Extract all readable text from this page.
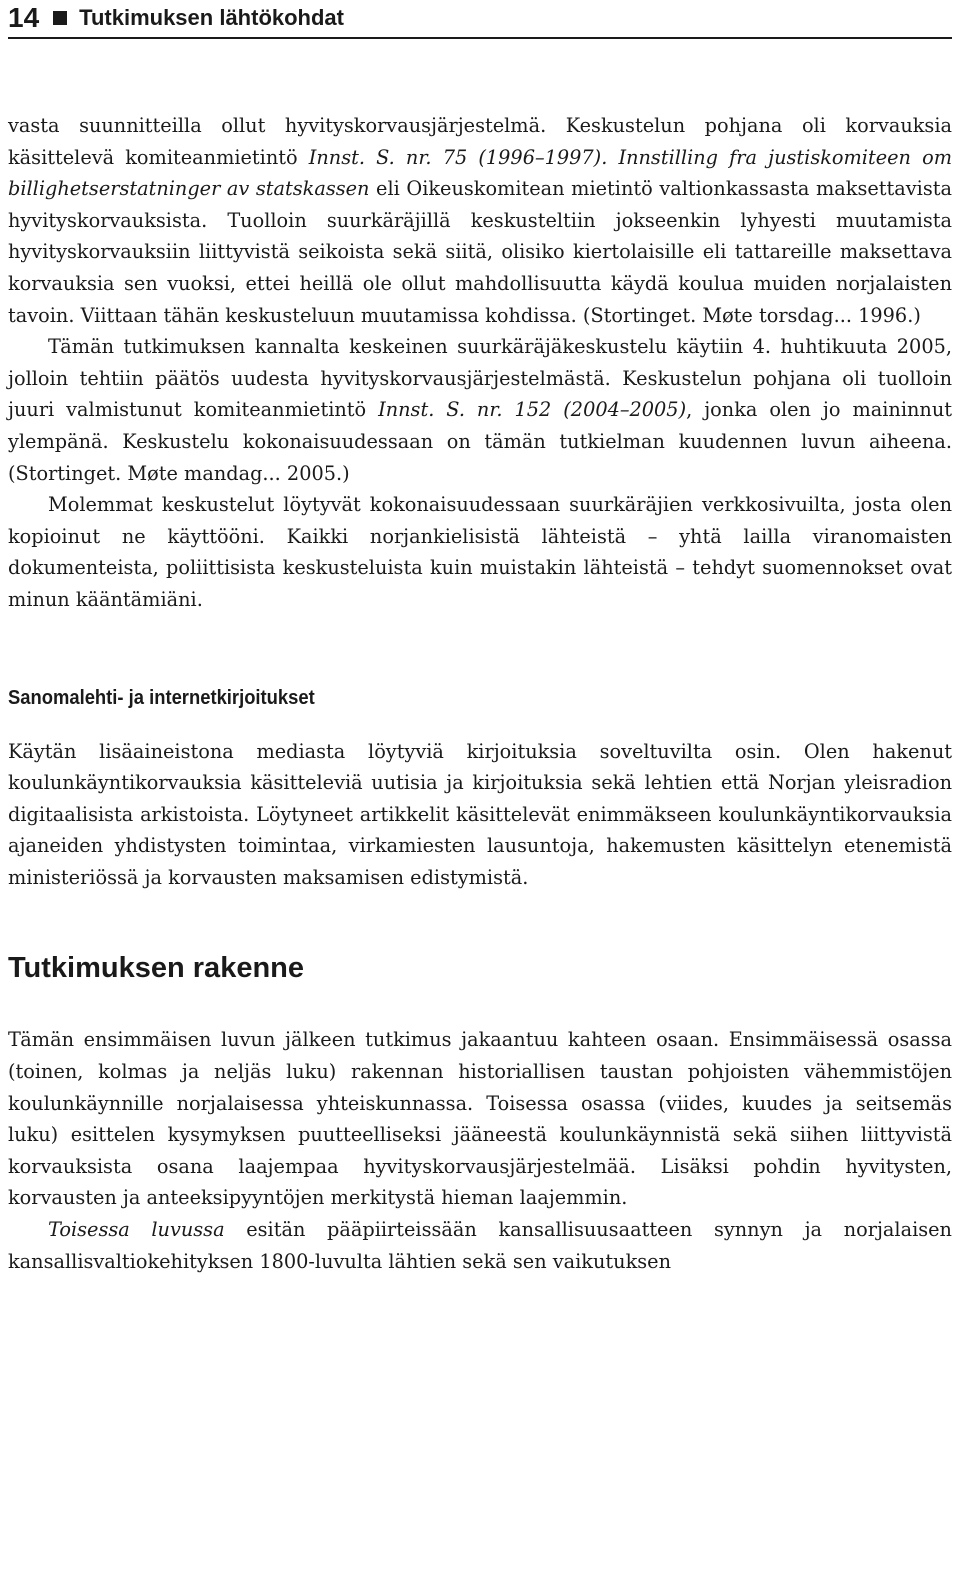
14 Tutkimuksen lähtökohdat

vasta suunnitteilla ollut hyvityskorvausjärjestelmä. Keskustelun pohjana oli korvauksia käsittelevä komiteanmietintö Innst. S. nr. 75 (1996–1997). Innstilling fra justiskomiteen om billighetserstatninger av statskassen eli Oikeuskomitean mietintö valtionkassasta maksettavista hyvityskorvauksista. Tuolloin suurkäräjillä keskusteltiin jokseenkin lyhyesti muutamista hyvityskorvauksiin liittyvistä seikoista sekä siitä, olisiko kiertolaisille eli tattareille maksettava korvauksia sen vuoksi, ettei heillä ole ollut mahdollisuutta käydä koulua muiden norjalaisten tavoin. Viittaan tähän keskusteluun muutamissa kohdissa. (Stortinget. Møte torsdag... 1996.)

Tämän tutkimuksen kannalta keskeinen suurkäräjäkeskustelu käytiin 4. huhtikuuta 2005, jolloin tehtiin päätös uudesta hyvityskorvausjärjestelmästä. Keskustelun pohjana oli tuolloin juuri valmistunut komiteanmietintö Innst. S. nr. 152 (2004–2005), jonka olen jo maininnut ylempänä. Keskustelu kokonaisuudessaan on tämän tutkielman kuudennen luvun aiheena. (Stortinget. Møte mandag... 2005.)

Molemmat keskustelut löytyvät kokonaisuudessaan suurkäräjien verkkosivuilta, josta olen kopioinut ne käyttööni. Kaikki norjankielisistä lähteistä – yhtä lailla viranomaisten dokumenteista, poliittisista keskusteluista kuin muistakin lähteistä – tehdyt suomennokset ovat minun kääntämiäni.

Sanomalehti- ja internetkirjoitukset

Käytän lisäaineistona mediasta löytyviä kirjoituksia soveltuvilta osin. Olen hakenut koulunkäyntikorvauksia käsitteleviä uutisia ja kirjoituksia sekä lehtien että Norjan yleisradion digitaalisista arkistoista. Löytyneet artikkelit käsittelevät enimmäkseen koulunkäyntikorvauksia ajaneiden yhdistysten toimintaa, virkamiesten lausuntoja, hakemusten käsittelyn etenemistä ministeriössä ja korvausten maksamisen edistymistä.

Tutkimuksen rakenne

Tämän ensimmäisen luvun jälkeen tutkimus jakaantuu kahteen osaan. Ensimmäisessä osassa (toinen, kolmas ja neljäs luku) rakennan historiallisen taustan pohjoisten vähemmistöjen koulunkäynnille norjalaisessa yhteiskunnassa. Toisessa osassa (viides, kuudes ja seitsemäs luku) esittelen kysymyksen puutteelliseksi jääneestä koulunkäynnistä sekä siihen liittyvistä korvauksista osana laajempaa hyvityskorvausjärjestelmää. Lisäksi pohdin hyvitysten, korvausten ja anteeksipyyntöjen merkitystä hieman laajemmin.

Toisessa luvussa esitän pääpiirteissään kansallisuusaatteen synnyn ja norjalaisen kansallisvaltiokehityksen 1800-luvulta lähtien sekä sen vaikutuksen
